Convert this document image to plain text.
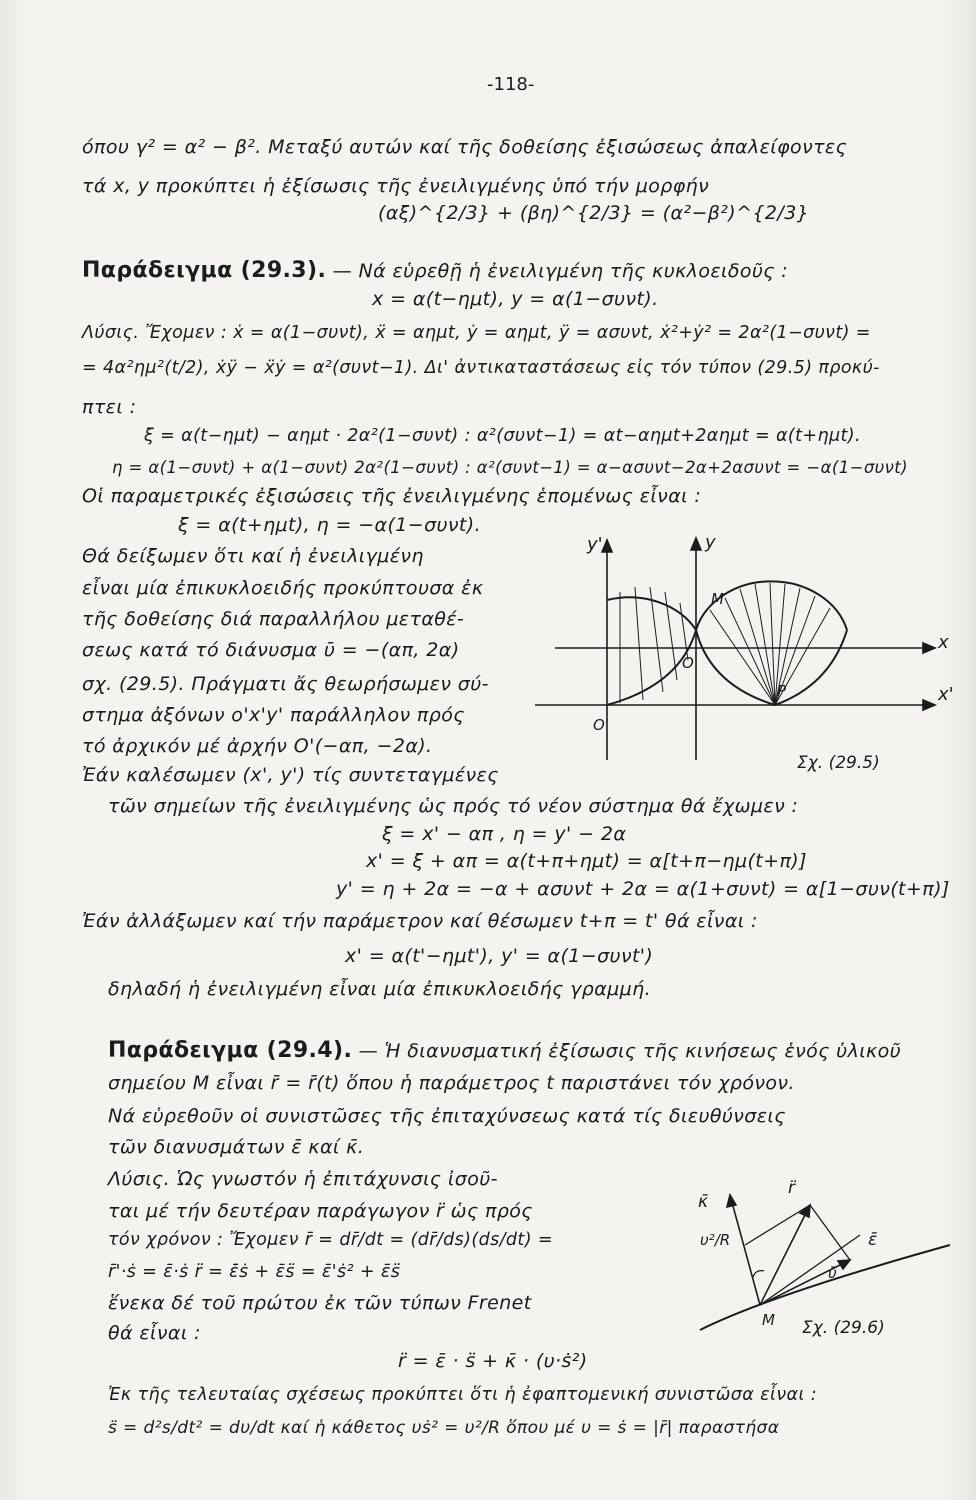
-118-
όπου γ² = α² − β². Μεταξύ αυτών καί τῆς δοθείσης ἐξισώσεως ἀπαλείφοντες
τά x, y προκύπτει ἡ ἐξίσωσις τῆς ἐνειλιγμένης ὑπό τήν μορφήν
(αξ)^{2/3} + (βη)^{2/3} = (α²−β²)^{2/3}
Παράδειγμα (29.3). — Νά εὑρεθῇ ἡ ἐνειλιγμένη τῆς κυκλοειδοῦς :
x = α(t−ημt), y = α(1−συνt).
Λύσις. Ἔχομεν : ẋ = α(1−συνt), ẍ = αημt, ẏ = αημt, ÿ = ασυνt, ẋ²+ẏ² = 2α²(1−συνt) =
= 4α²ημ²(t/2), ẋÿ − ẍẏ = α²(συνt−1). Δι' ἀντικαταστάσεως εἰς τόν τύπον (29.5) προκύ-
πτει :
ξ = α(t−ημt) − αημt · 2α²(1−συνt) : α²(συνt−1) = αt−αημt+2αημt = α(t+ημt).
η = α(1−συνt) + α(1−συνt) 2α²(1−συνt) : α²(συνt−1) = α−ασυνt−2α+2ασυνt = −α(1−συνt)
Οἱ παραμετρικές ἐξισώσεις τῆς ἐνειλιγμένης ἑπομένως εἶναι :
ξ = α(t+ημt), η = −α(1−συνt).
Θά δείξωμεν ὅτι καί ἡ ἐνειλιγμένη
εἶναι μία ἐπικυκλοειδής προκύπτουσα ἐκ
τῆς δοθείσης διά παραλλήλου μεταθέ-
σεως κατά τό διάνυσμα ῡ = −(απ, 2α)
σχ. (29.5). Πράγματι ἄς θεωρήσωμεν σύ-
στημα ἀξόνων ο'x'y' παράλληλον πρός
τό ἀρχικόν μέ ἀρχήν Ο'(−απ, −2α).
Ἐάν καλέσωμεν (x', y') τίς συντεταγμένες
y'	y
M
x
x'
O
P
O'
Σχ. (29.5)
τῶν σημείων τῆς ἐνειλιγμένης ὡς πρός τό νέον σύστημα θά ἔχωμεν :
ξ = x' − απ , η = y' − 2α
x' = ξ + απ = α(t+π+ημt) = α[t+π−ημ(t+π)]
y' = η + 2α = −α + ασυνt + 2α = α(1+συνt) = α[1−συν(t+π)]
Ἐάν ἀλλάξωμεν καί τήν παράμετρον καί θέσωμεν t+π = t' θά εἶναι :
x' = α(t'−ημt'), y' = α(1−συνt')
δηλαδή ἡ ἐνειλιγμένη εἶναι μία ἐπικυκλοειδής γραμμή.
Παράδειγμα (29.4). — Ἡ διανυσματική ἐξίσωσις τῆς κινήσεως ἑνός ὑλικοῦ
σημείου Μ εἶναι r̄ = r̄(t) ὅπου ἡ παράμετρος t παριστάνει τόν χρόνον.
Νά εὑρεθοῦν οἱ συνιστῶσες τῆς ἐπιταχύνσεως κατά τίς διευθύνσεις
τῶν διανυσμάτων ε̄ καί κ̄.
Λύσις. Ὡς γνωστόν ἡ ἐπιτάχυνσις ἰσοῦ-
ται μέ τήν δευτέραν παράγωγον r̈ ὡς πρός
τόν χρόνον : Ἔχομεν r̄ = dr̄/dt = (dr̄/ds)(ds/dt) =
r̄'·ṡ = ε̄·ṡ r̈ = ε̄̇ṡ + ε̄s̈ = ε̄'ṡ² + ε̄s̈
ἕνεκα δέ τοῦ πρώτου ἐκ τῶν τύπων Frenet
θά εἶναι :
r̈ = ε̄ · s̈ + κ̄ · (υ·ṡ²)
Ἐκ τῆς τελευταίας σχέσεως προκύπτει ὅτι ἡ ἐφαπτομενική συνιστῶσα εἶναι :
s̈ = d²s/dt² = dυ/dt καί ἡ κάθετος υṡ² = υ²/R ὅπου μέ υ = ṡ = |r̄| παραστήσα
κ̄
r̈
υ²/R	ε̄
ῡ
M Σχ. (29.6)
